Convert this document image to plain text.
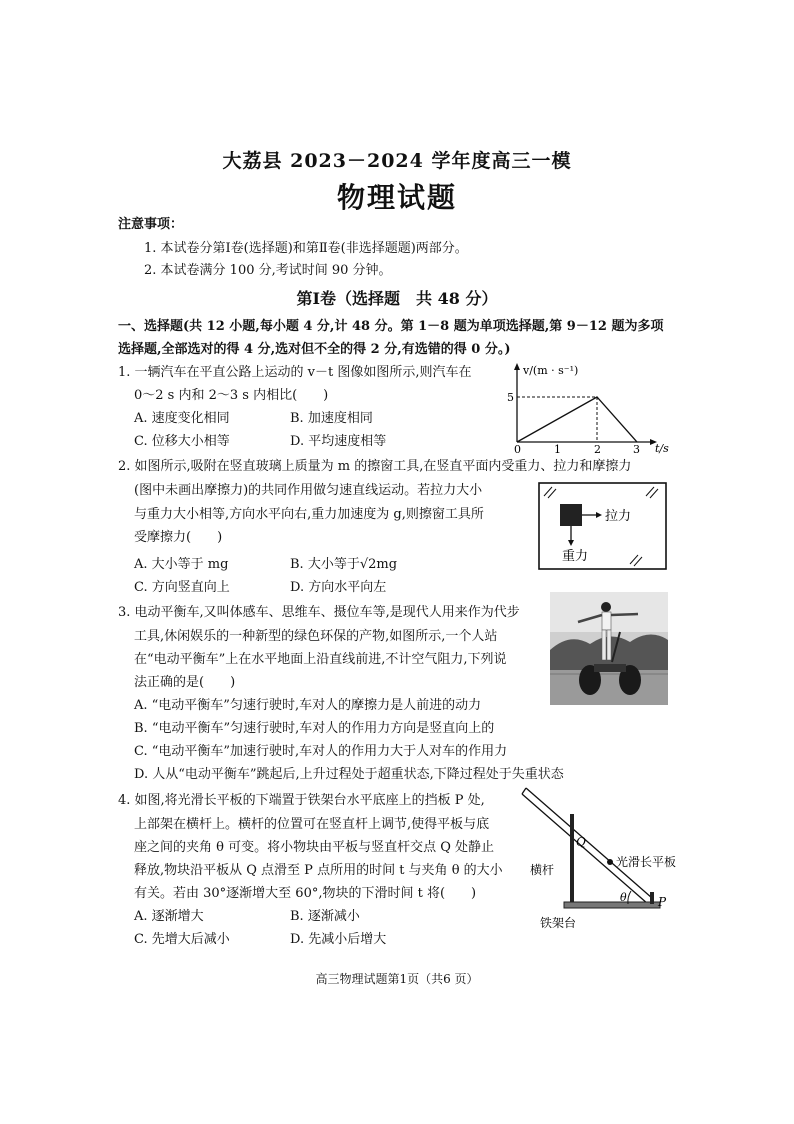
大荔县 2023－2024 学年度高三一模
物理试题
注意事项：
1. 本试卷分第Ⅰ卷(选择题)和第Ⅱ卷(非选择题题)两部分。
2. 本试卷满分 100 分,考试时间 90 分钟。
第Ⅰ卷（选择题　共 48 分）
一、选择题(共 12 小题,每小题 4 分,计 48 分。第 1－8 题为单项选择题,第 9－12 题为多项
选择题,全部选对的得 4 分,选对但不全的得 2 分,有选错的得 0 分。)
1. 一辆汽车在平直公路上运动的 v－t 图像如图所示,则汽车在
0～2 s 内和 2～3 s 内相比(　　)
A. 速度变化相同	B. 加速度相同
C. 位移大小相等	D. 平均速度相等
v/(m · s⁻¹)
t/s
5
0	1	2	3
2. 如图所示,吸附在竖直玻璃上质量为 m 的擦窗工具,在竖直平面内受重力、拉力和摩擦力
(图中未画出摩擦力)的共同作用做匀速直线运动。若拉力大小
与重力大小相等,方向水平向右,重力加速度为 g,则擦窗工具所
受摩擦力(　　)
A. 大小等于 mg	B. 大小等于√2mg
C. 方向竖直向上	D. 方向水平向左
拉力
重力
3. 电动平衡车,又叫体感车、思维车、摄位车等,是现代人用来作为代步
工具,休闲娱乐的一种新型的绿色环保的产物,如图所示,一个人站
在“电动平衡车”上在水平地面上沿直线前进,不计空气阻力,下列说
法正确的是(　　)
A. “电动平衡车”匀速行驶时,车对人的摩擦力是人前进的动力
B. “电动平衡车”匀速行驶时,车对人的作用力方向是竖直向上的
C. “电动平衡车”加速行驶时,车对人的作用力大于人对车的作用力
D. 人从“电动平衡车”跳起后,上升过程处于超重状态,下降过程处于失重状态
4. 如图,将光滑长平板的下端置于铁架台水平底座上的挡板 P 处,
上部架在横杆上。横杆的位置可在竖直杆上调节,使得平板与底
座之间的夹角 θ 可变。将小物块由平板与竖直杆交点 Q 处静止
释放,物块沿平板从 Q 点滑至 P 点所用的时间 t 与夹角 θ 的大小
有关。若由 30°逐渐增大至 60°,物块的下滑时间 t 将(　　)
A. 逐渐增大	B. 逐渐减小
C. 先增大后减小	D. 先减小后增大
Q
P
θ
横杆
光滑长平板
铁架台
高三物理试题第1页（共6 页）
